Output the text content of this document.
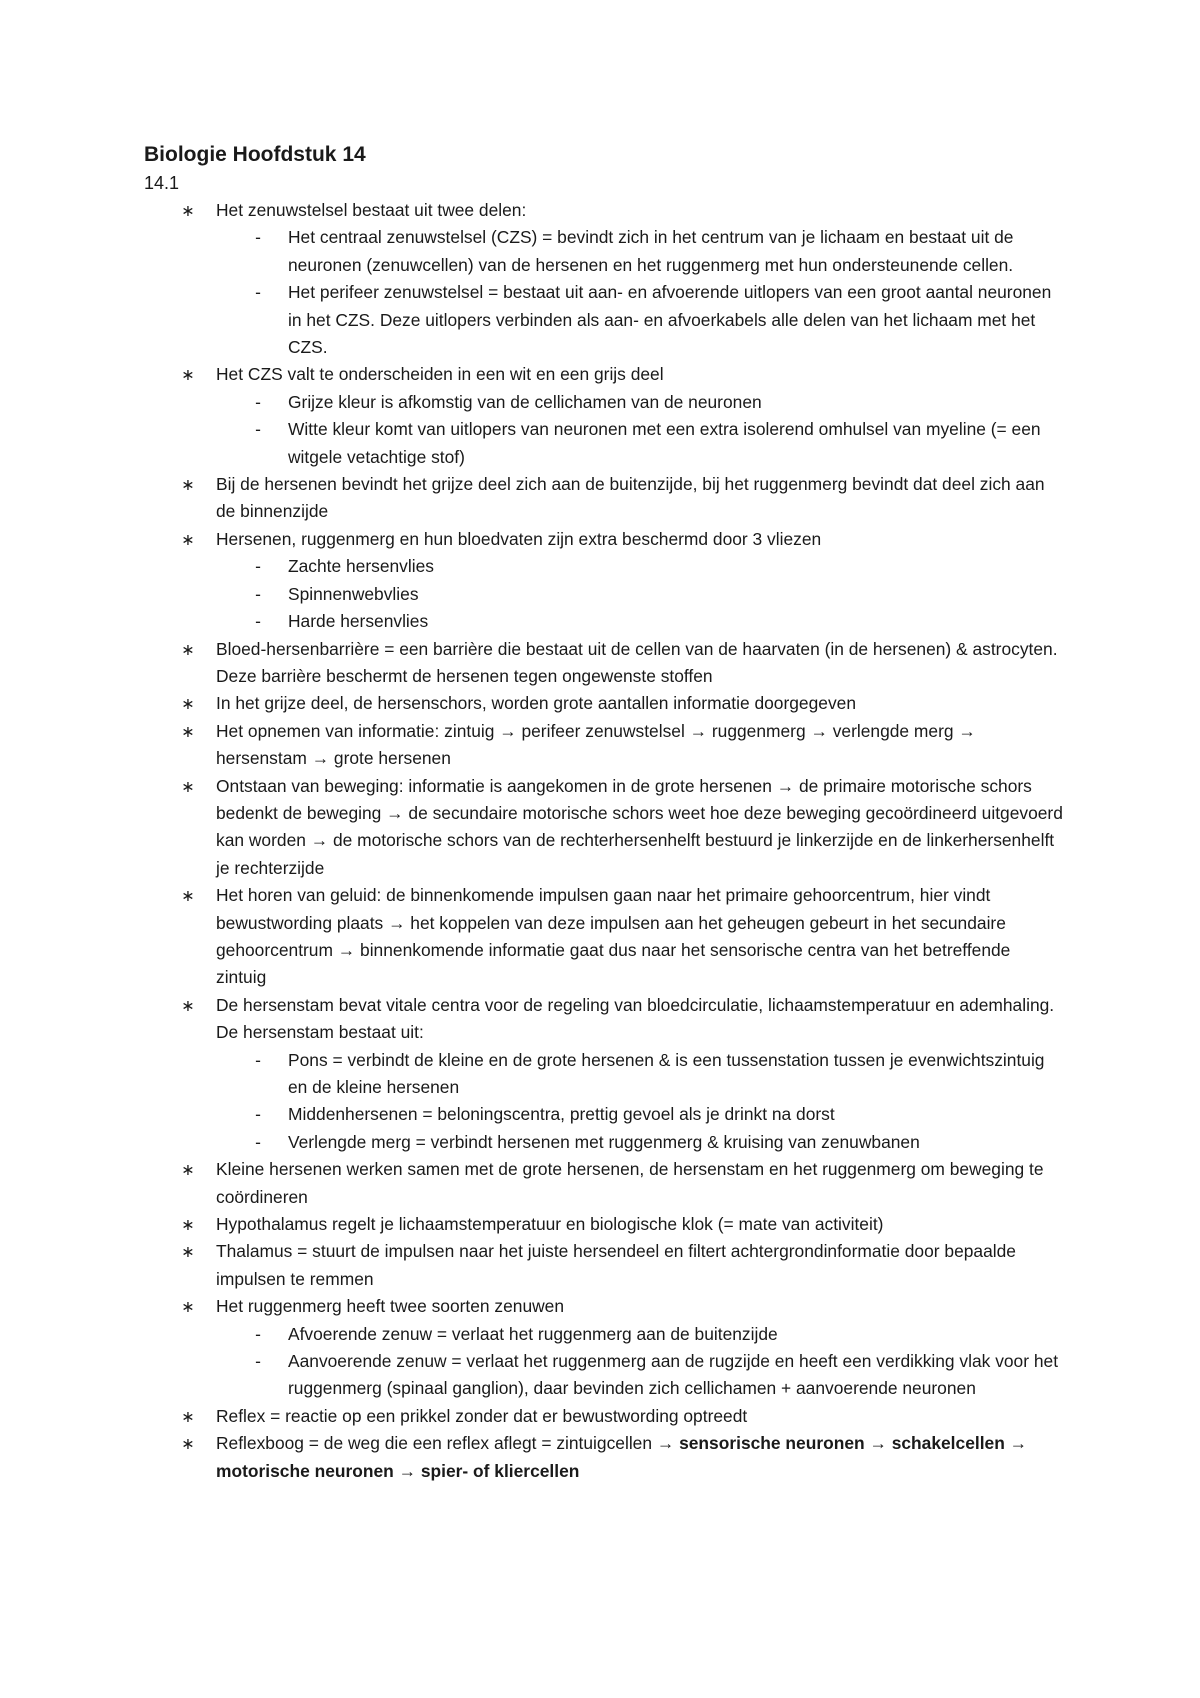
Biologie Hoofdstuk 14
14.1
∗ Het zenuwstelsel bestaat uit twee delen:
- Het centraal zenuwstelsel (CZS) = bevindt zich in het centrum van je lichaam en bestaat uit de neuronen (zenuwcellen) van de hersenen en het ruggenmerg met hun ondersteunende cellen.
- Het perifeer zenuwstelsel = bestaat uit aan- en afvoerende uitlopers van een groot aantal neuronen in het CZS. Deze uitlopers verbinden als aan- en afvoerkabels alle delen van het lichaam met het CZS.
∗ Het CZS valt te onderscheiden in een wit en een grijs deel
- Grijze kleur is afkomstig van de cellichamen van de neuronen
- Witte kleur komt van uitlopers van neuronen met een extra isolerend omhulsel van myeline (= een witgele vetachtige stof)
∗ Bij de hersenen bevindt het grijze deel zich aan de buitenzijde, bij het ruggenmerg bevindt dat deel zich aan de binnenzijde
∗ Hersenen, ruggenmerg en hun bloedvaten zijn extra beschermd door 3 vliezen
- Zachte hersenvlies
- Spinnenwebvlies
- Harde hersenvlies
∗ Bloed-hersenbarrière = een barrière die bestaat uit de cellen van de haarvaten (in de hersenen) & astrocyten. Deze barrière beschermt de hersenen tegen ongewenste stoffen
∗ In het grijze deel, de hersenschors, worden grote aantallen informatie doorgegeven
∗ Het opnemen van informatie: zintuig → perifeer zenuwstelsel → ruggenmerg → verlengde merg → hersenstam → grote hersenen
∗ Ontstaan van beweging: informatie is aangekomen in de grote hersenen → de primaire motorische schors bedenkt de beweging → de secundaire motorische schors weet hoe deze beweging gecoördineerd uitgevoerd kan worden → de motorische schors van de rechterhersenhelft bestuurd je linkerzijde en de linkerhersenhelft je rechterzijde
∗ Het horen van geluid: de binnenkomende impulsen gaan naar het primaire gehoorcentrum, hier vindt bewustwording plaats → het koppelen van deze impulsen aan het geheugen gebeurt in het secundaire gehoorcentrum → binnenkomende informatie gaat dus naar het sensorische centra van het betreffende zintuig
∗ De hersenstam bevat vitale centra voor de regeling van bloedcirculatie, lichaamstemperatuur en ademhaling. De hersenstam bestaat uit:
- Pons = verbindt de kleine en de grote hersenen & is een tussenstation tussen je evenwichtszintuig en de kleine hersenen
- Middenhersenen = beloningscentra, prettig gevoel als je drinkt na dorst
- Verlengde merg = verbindt hersenen met ruggenmerg & kruising van zenuwbanen
∗ Kleine hersenen werken samen met de grote hersenen, de hersenstam en het ruggenmerg om beweging te coördineren
∗ Hypothalamus regelt je lichaamstemperatuur en biologische klok (= mate van activiteit)
∗ Thalamus = stuurt de impulsen naar het juiste hersendeel en filtert achtergrondinformatie door bepaalde impulsen te remmen
∗ Het ruggenmerg heeft twee soorten zenuwen
- Afvoerende zenuw = verlaat het ruggenmerg aan de buitenzijde
- Aanvoerende zenuw = verlaat het ruggenmerg aan de rugzijde en heeft een verdikking vlak voor het ruggenmerg (spinaal ganglion), daar bevinden zich cellichamen + aanvoerende neuronen
∗ Reflex = reactie op een prikkel zonder dat er bewustwording optreedt
∗ Reflexboog = de weg die een reflex aflegt = zintuigcellen → sensorische neuronen → schakelcellen → motorische neuronen → spier- of kliercellen
